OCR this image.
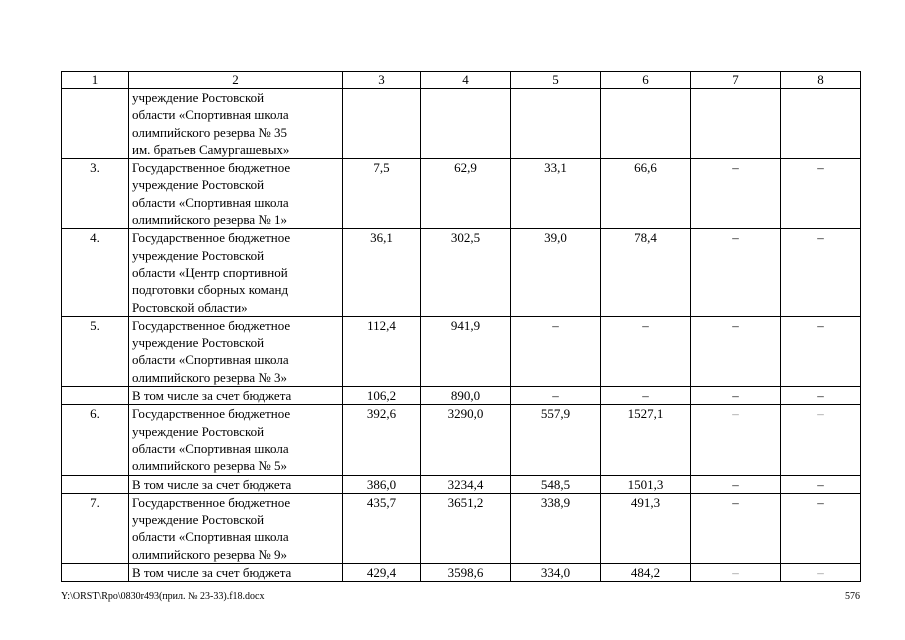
1	2	3	4	5	6	7	8

	учреждение Ростовской
области «Спортивная школа
олимпийского резерва № 35
им. братьев Самургашевых»						

3.	Государственное бюджетное
учреждение Ростовской
области «Спортивная школа
олимпийского резерва № 1»	7,5	62,9	33,1	66,6	–	–
4.	Государственное бюджетное
учреждение Ростовской
области «Центр спортивной
подготовки сборных команд
Ростовской области»	36,1	302,5	39,0	78,4	–	–
5.	Государственное бюджетное
учреждение Ростовской
области «Спортивная школа
олимпийского резерва № 3»	112,4	941,9	–	–	–	–

	В том числе за счет бюджета	106,2	890,0	–	–	–	–
6.	Государственное бюджетное
учреждение Ростовской
области «Спортивная школа
олимпийского резерва № 5»	392,6	3290,0	557,9	1527,1	–	–

	В том числе за счет бюджета	386,0	3234,4	548,5	1501,3	–	–
7.	Государственное бюджетное
учреждение Ростовской
области «Спортивная школа
олимпийского резерва № 9»	435,7	3651,2	338,9	491,3	–	–

	В том числе за счет бюджета	429,4	3598,6	334,0	484,2	–	–
Y:\ORST\Rpo\0830r493(прил. № 23-33).f18.docx	576
